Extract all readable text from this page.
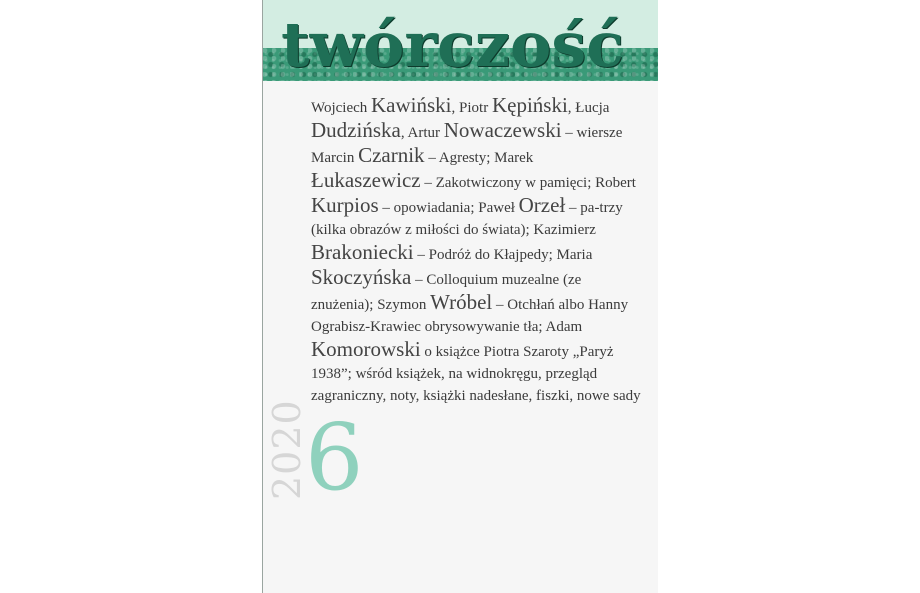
twórczość
Wojciech Kawiński, Piotr Kępiński, Łucja Dudzińska, Artur Nowaczewski – wiersze Marcin Czarnik – Agresty; Marek Łukaszewicz – Zakotwiczony w pamięci; Robert Kurpios – opowiadania; Paweł Orzeł – pa-trzy (kilka obrazów z miłości do świata); Kazimierz Brakoniecki – Podróż do Kłajpedy; Maria Skoczyńska – Colloquium muzealne (ze znużenia); Szymon Wróbel – Otchłań albo Hanny Ograbisz-Krawiec obrysowywanie tła; Adam Komorowski o książce Piotra Szaroty „Paryż 1938”; wśród książek, na widnokręgu, przegląd zagraniczny, noty, książki nadesłane, fiszki, nowe sady
2020
6
